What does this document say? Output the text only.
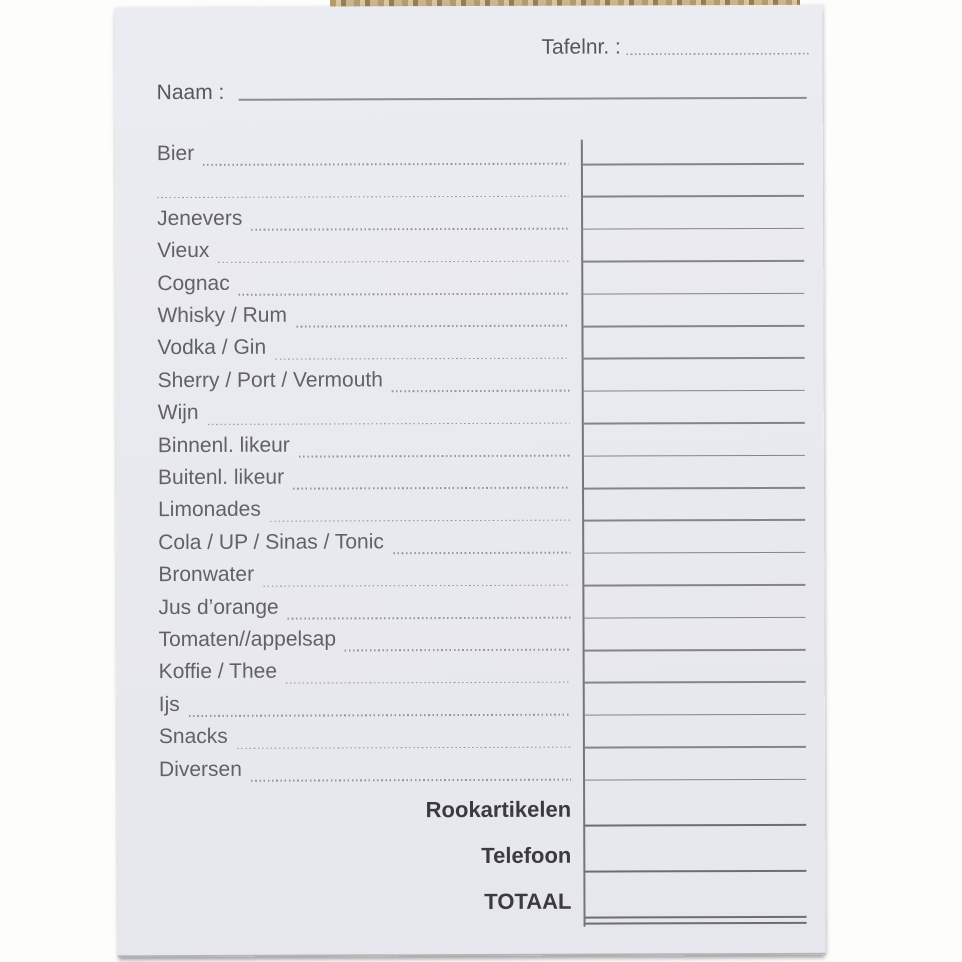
Tafelnr. :
Naam :
Bier
Jenevers
Vieux
Cognac
Whisky / Rum
Vodka / Gin
Sherry / Port / Vermouth
Wijn
Binnenl. likeur
Buitenl. likeur
Limonades
Cola / UP / Sinas / Tonic
Bronwater
Jus d’orange
Tomaten//appelsap
Koffie / Thee
Ijs
Snacks
Diversen
Rookartikelen
Telefoon
TOTAAL
